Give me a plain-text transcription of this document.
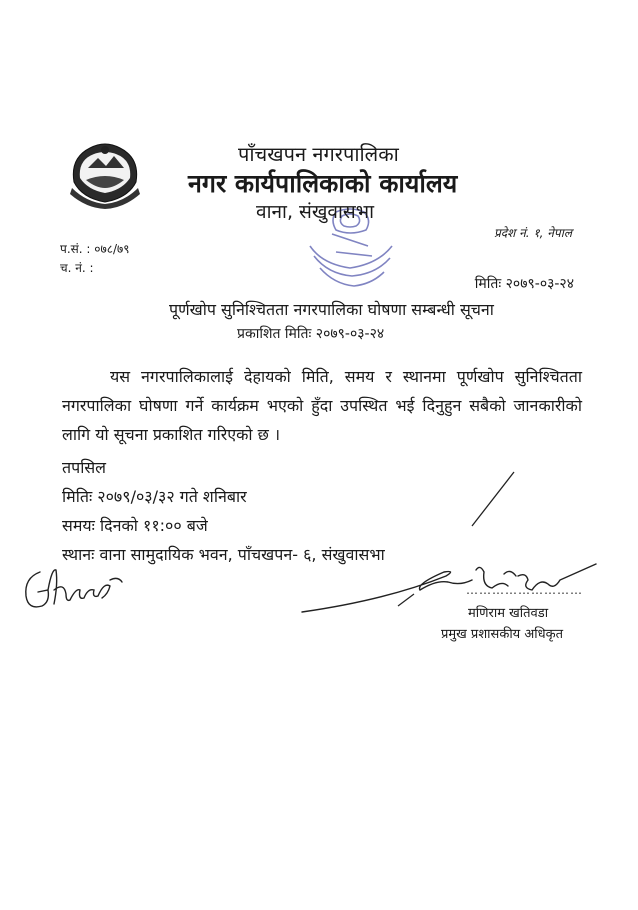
पाँचखपन नगरपालिका
नगर कार्यपालिकाको कार्यालय
वाना, संखुवासभा
प्रदेश नं. १, नेपाल
प.सं. : ०७८/७९
च. नं. :
मितिः २०७९-०३-२४
पूर्णखोप सुनिश्चितता नगरपालिका घोषणा सम्बन्धी सूचना
प्रकाशित मितिः २०७९-०३-२४
यस नगरपालिकालाई देहायको मिति, समय र स्थानमा पूर्णखोप सुनिश्चितता नगरपालिका घोषणा गर्ने कार्यक्रम भएको हुँदा उपस्थित भई दिनुहुन सबैको जानकारीको लागि यो सूचना प्रकाशित गरिएको छ ।
तपसिल
मितिः २०७९/०३/३२ गते शनिबार
समयः दिनको ११:०० बजे
स्थानः वाना सामुदायिक भवन, पाँचखपन- ६, संखुवासभा
………………………
मणिराम खतिवडा
प्रमुख प्रशासकीय अधिकृत
